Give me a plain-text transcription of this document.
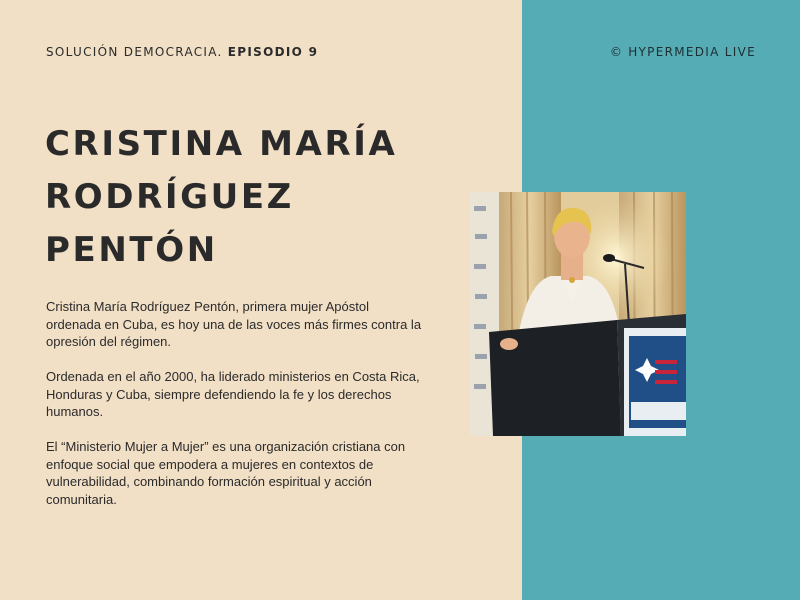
SOLUCIÓN DEMOCRACIA. EPISODIO 9	© HYPERMEDIA LIVE
CRISTINA MARÍA
RODRÍGUEZ
PENTÓN

Cristina María Rodríguez Pentón, primera mujer Apóstol ordenada en Cuba, es hoy una de las voces más firmes contra la opresión del régimen.

Ordenada en el año 2000, ha liderado ministerios en Costa Rica, Honduras y Cuba, siempre defendiendo la fe y los derechos humanos.

El “Ministerio Mujer a Mujer” es una organización cristiana con enfoque social que empodera a mujeres en contextos de vulnerabilidad, combinando formación espiritual y acción comunitaria.
